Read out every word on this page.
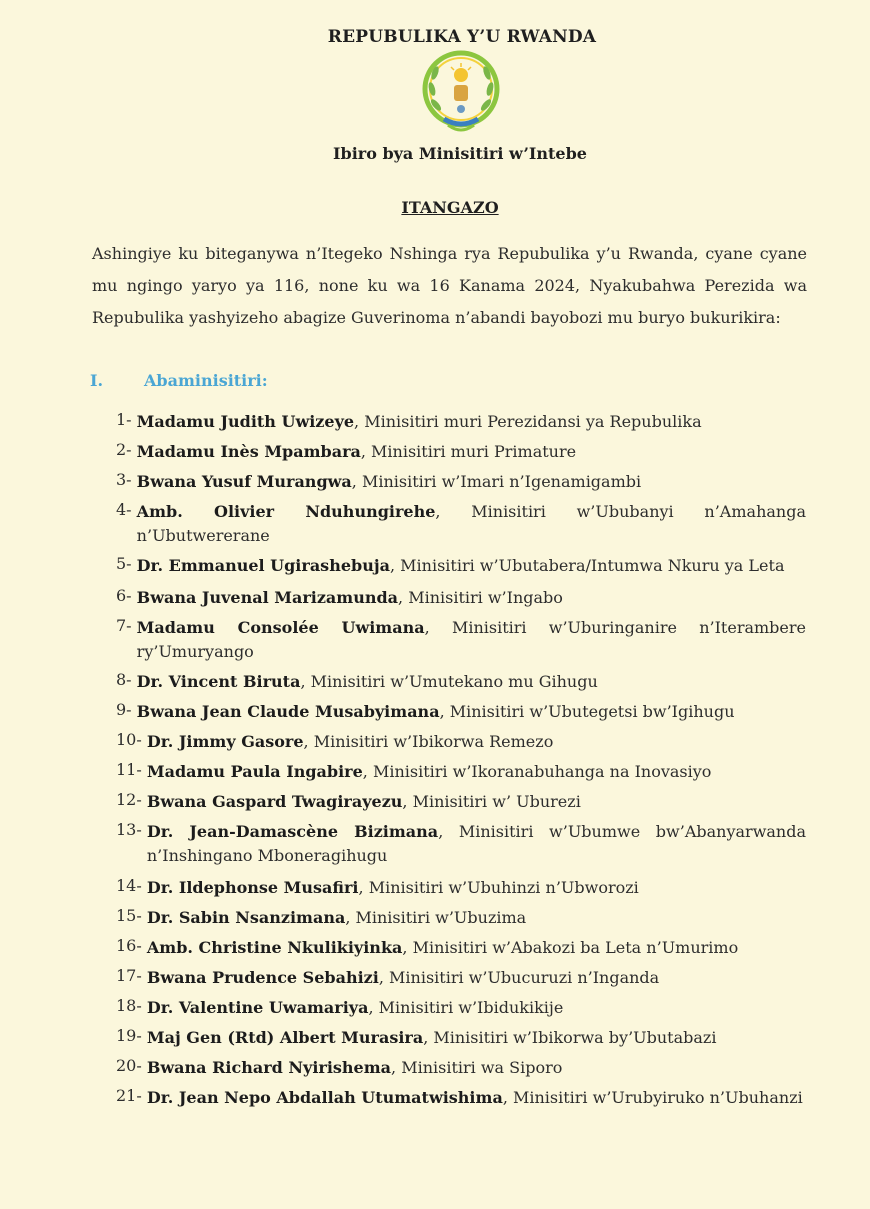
REPUBULIKA Y’U RWANDA
Ibiro bya Minisitiri w’Intebe
ITANGAZO

Ashingiye ku biteganywa n’Itegeko Nshinga rya Repubulika y’u Rwanda, cyane cyane mu ngingo yaryo ya 116, none ku wa 16 Kanama 2024, Nyakubahwa Perezida wa Repubulika yashyizeho abagize Guverinoma n’abandi bayobozi mu buryo bukurikira:

I.	Abaminisitiri:
1- Madamu Judith Uwizeye, Minisitiri muri Perezidansi ya Repubulika
2- Madamu Inès Mpambara, Minisitiri muri Primature
3- Bwana Yusuf Murangwa, Minisitiri w’Imari n’Igenamigambi
4- Amb. Olivier Nduhungirehe, Minisitiri w’Ububanyi n’Amahanga n’Ubutwererane
5- Dr. Emmanuel Ugirashebuja, Minisitiri w’Ubutabera/Intumwa Nkuru ya Leta
6- Bwana Juvenal Marizamunda, Minisitiri w’Ingabo
7- Madamu Consolée Uwimana, Minisitiri w’Uburinganire n’Iterambere ry’Umuryango
8- Dr. Vincent Biruta, Minisitiri w’Umutekano mu Gihugu
9- Bwana Jean Claude Musabyimana, Minisitiri w’Ubutegetsi bw’Igihugu
10- Dr. Jimmy Gasore, Minisitiri w’Ibikorwa Remezo
11- Madamu Paula Ingabire, Minisitiri w’Ikoranabuhanga na Inovasiyo
12- Bwana Gaspard Twagirayezu, Minisitiri w’ Uburezi
13- Dr. Jean-Damascène Bizimana, Minisitiri w’Ubumwe bw’Abanyarwanda n’Inshingano Mboneragihugu
14- Dr. Ildephonse Musafiri, Minisitiri w’Ubuhinzi n’Ubworozi
15- Dr. Sabin Nsanzimana, Minisitiri w’Ubuzima
16- Amb. Christine Nkulikiyinka, Minisitiri w’Abakozi ba Leta n’Umurimo
17- Bwana Prudence Sebahizi, Minisitiri w’Ubucuruzi n’Inganda
18- Dr. Valentine Uwamariya, Minisitiri w’Ibidukikije
19- Maj Gen (Rtd) Albert Murasira, Minisitiri w’Ibikorwa by’Ubutabazi
20- Bwana Richard Nyirishema, Minisitiri wa Siporo
21- Dr. Jean Nepo Abdallah Utumatwishima, Minisitiri w’Urubyiruko n’Ubuhanzi
